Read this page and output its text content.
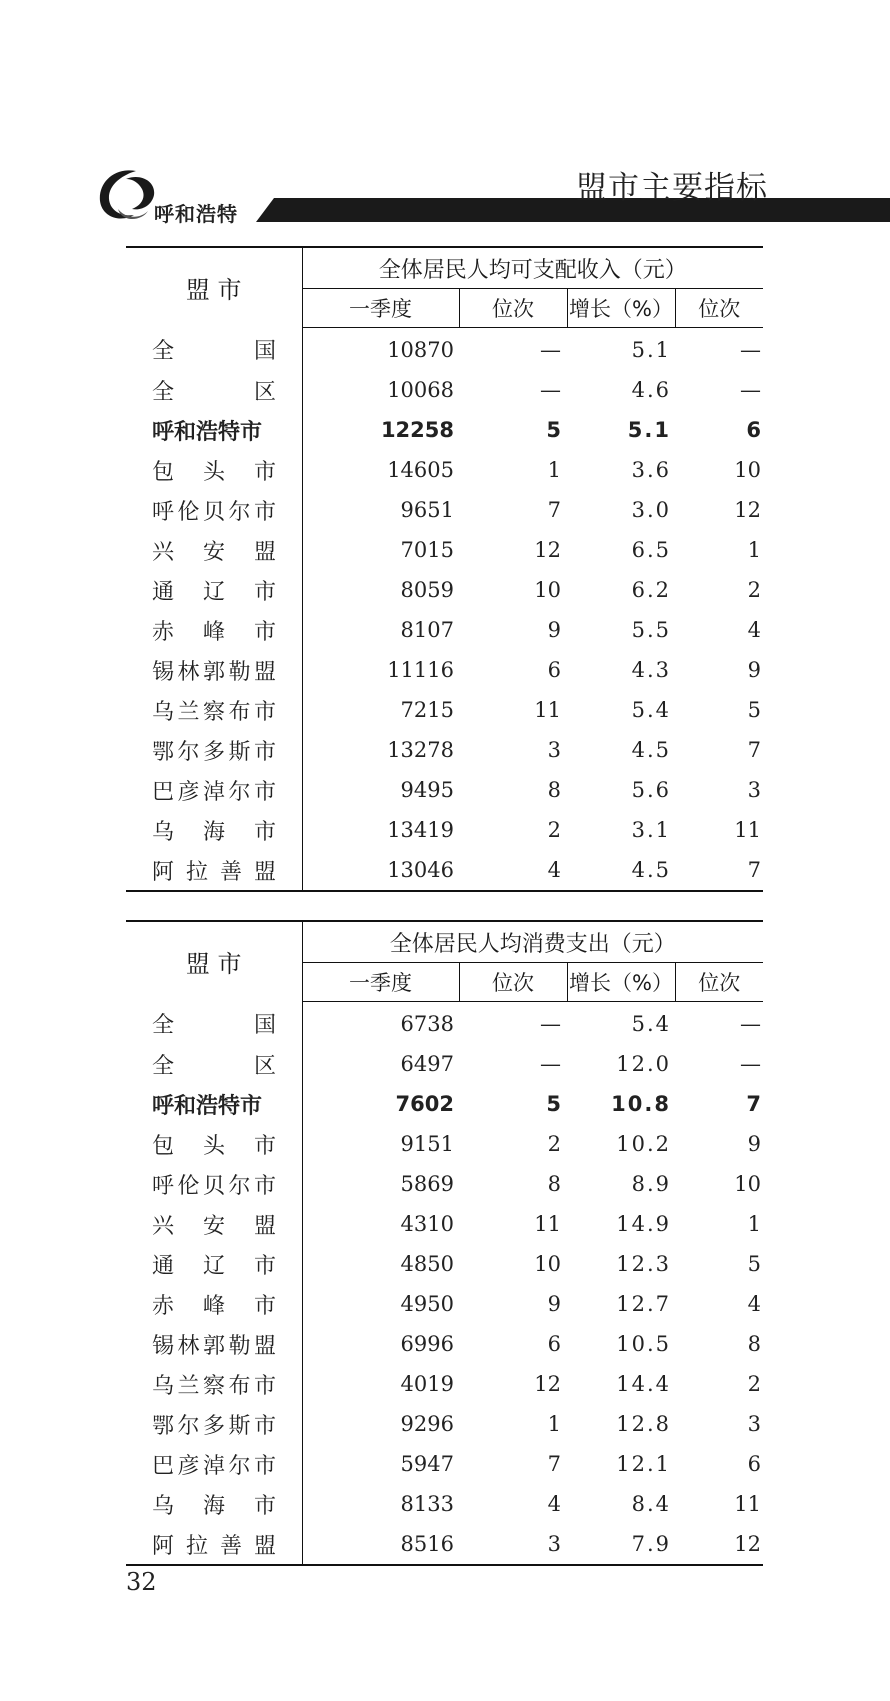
呼和浩特
盟市主要指标
盟 市	全体居民人均可支配收入（元）			
	一季度	位次	增长（%）	位次

全 国	10870	—	5.1	—

全 区	10068	—	4.6	—

呼和浩特市	12258	5	5.1	6

包 头 市	14605	1	3.6	10

呼 伦 贝 尔 市	9651	7	3.0	12

兴 安 盟	7015	12	6.5	1

通 辽 市	8059	10	6.2	2

赤 峰 市	8107	9	5.5	4

锡 林 郭 勒 盟	11116	6	4.3	9

乌 兰 察 布 市	7215	11	5.4	5

鄂 尔 多 斯 市	13278	3	4.5	7

巴 彦 淖 尔 市	9495	8	5.6	3

乌 海 市	13419	2	3.1	11

阿 拉 善 盟	13046	4	4.5	7
盟 市	全体居民人均消费支出（元）			
	一季度	位次	增长（%）	位次

全 国	6738	—	5.4	—

全 区	6497	—	12.0	—

呼和浩特市	7602	5	10.8	7

包 头 市	9151	2	10.2	9

呼 伦 贝 尔 市	5869	8	8.9	10

兴 安 盟	4310	11	14.9	1

通 辽 市	4850	10	12.3	5

赤 峰 市	4950	9	12.7	4

锡 林 郭 勒 盟	6996	6	10.5	8

乌 兰 察 布 市	4019	12	14.4	2

鄂 尔 多 斯 市	9296	1	12.8	3

巴 彦 淖 尔 市	5947	7	12.1	6

乌 海 市	8133	4	8.4	11

阿 拉 善 盟	8516	3	7.9	12
32
